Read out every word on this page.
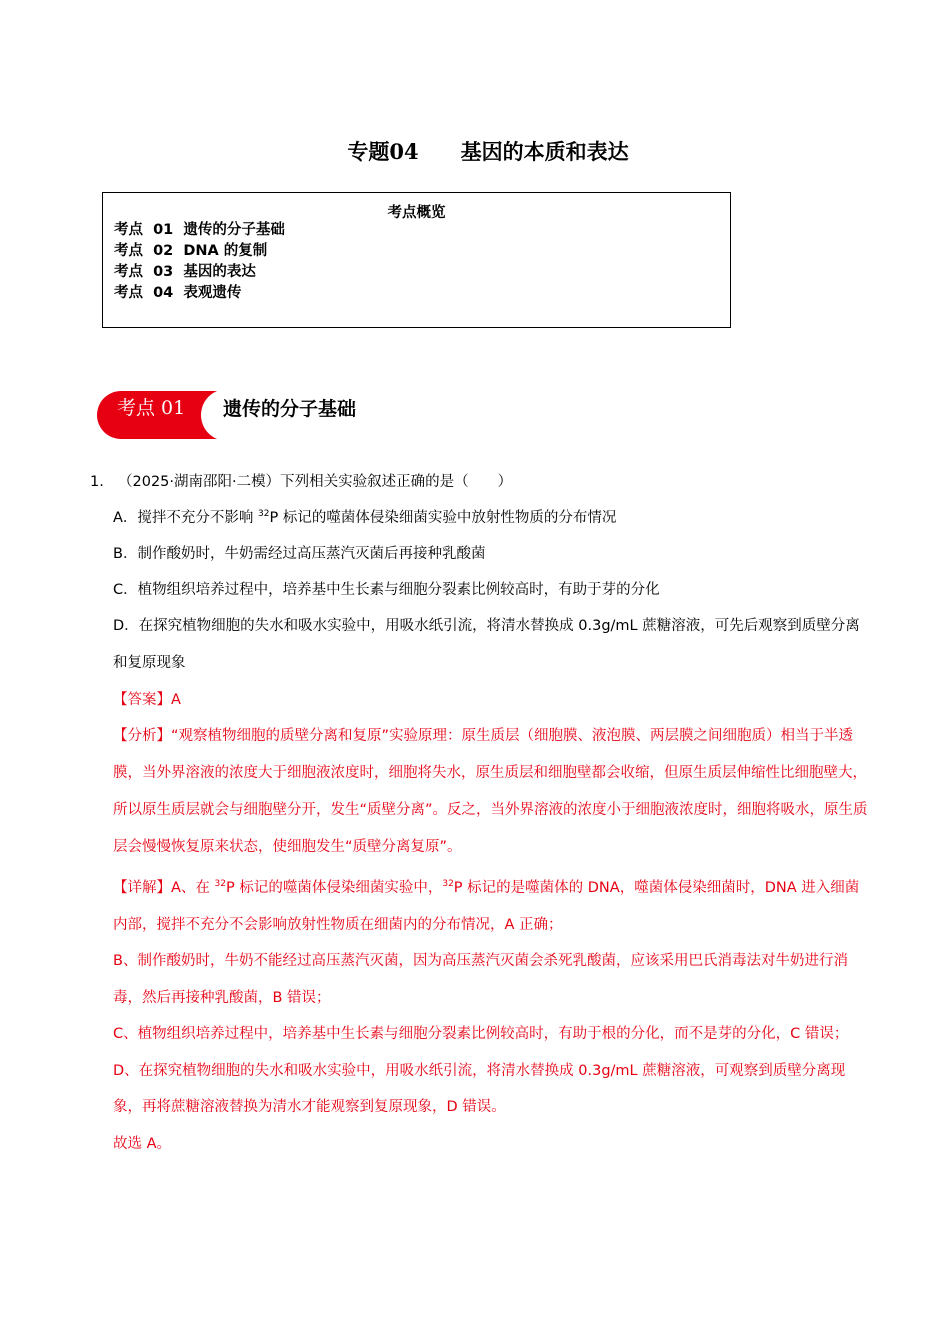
专题04　　基因的本质和表达
考点概览
考点  01  遗传的分子基础
考点  02  DNA 的复制
考点  03  基因的表达
考点  04  表观遗传
考点 01 遗传的分子基础
1. （2025·湖南邵阳·二模）下列相关实验叙述正确的是（　　）
A．搅拌不充分不影响 $^{32}$P 标记的噬菌体侵染细菌实验中放射性物质的分布情况
B．制作酸奶时，牛奶需经过高压蒸汽灭菌后再接种乳酸菌
C．植物组织培养过程中，培养基中生长素与细胞分裂素比例较高时，有助于芽的分化
D．在探究植物细胞的失水和吸水实验中，用吸水纸引流，将清水替换成 0.3g/mL 蔗糖溶液，可先后观察到质壁分离和复原现象
【答案】A
【分析】“观察植物细胞的质壁分离和复原”实验原理：原生质层（细胞膜、液泡膜、两层膜之间细胞质）相当于半透膜，当外界溶液的浓度大于细胞液浓度时，细胞将失水，原生质层和细胞壁都会收缩，但原生质层伸缩性比细胞壁大，所以原生质层就会与细胞壁分开，发生“质壁分离”。反之，当外界溶液的浓度小于细胞液浓度时，细胞将吸水，原生质层会慢慢恢复原来状态，使细胞发生“质壁分离复原”。
【详解】A、在 $^{32}$P 标记的噬菌体侵染细菌实验中，$^{32}$P 标记的是噬菌体的 DNA，噬菌体侵染细菌时，DNA 进入细菌内部，搅拌不充分不会影响放射性物质在细菌内的分布情况，A 正确；
B、制作酸奶时，牛奶不能经过高压蒸汽灭菌，因为高压蒸汽灭菌会杀死乳酸菌，应该采用巴氏消毒法对牛奶进行消毒，然后再接种乳酸菌，B 错误；
C、植物组织培养过程中，培养基中生长素与细胞分裂素比例较高时，有助于根的分化，而不是芽的分化，C 错误；
D、在探究植物细胞的失水和吸水实验中，用吸水纸引流，将清水替换成 0.3g/mL 蔗糖溶液，可观察到质壁分离现象，再将蔗糖溶液替换为清水才能观察到复原现象，D 错误。
故选 A。
